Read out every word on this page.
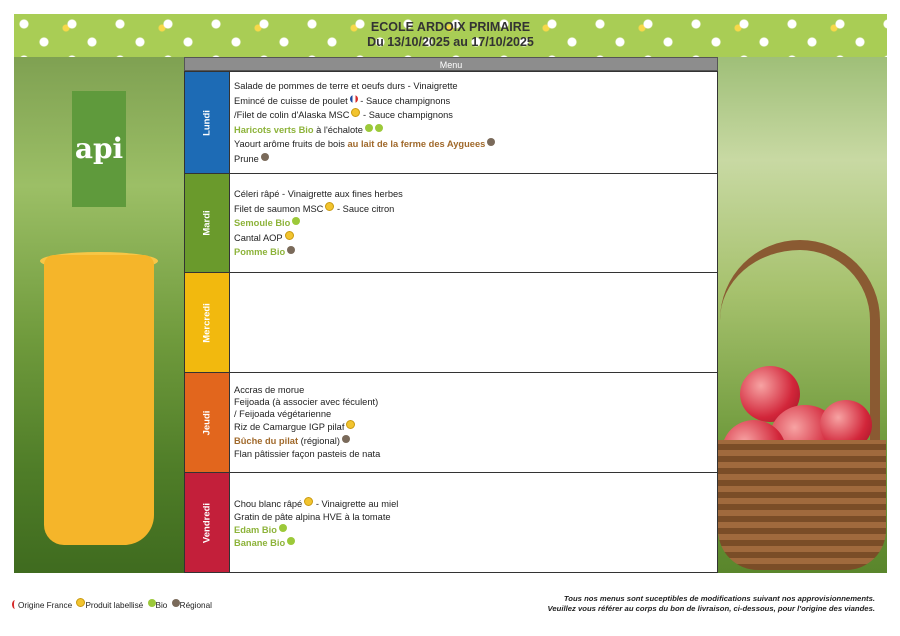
ECOLE ARDOIX PRIMAIRE
Du 13/10/2025 au 17/10/2025
api
Menu
Lundi
Mardi
Mercredi
Jeudi
Vendredi
Salade de pommes de terre et oeufs durs - Vinaigrette
Emincé de cuisse de poulet - Sauce champignons
/Filet de colin d'Alaska MSC - Sauce champignons
Haricots verts Bio à l'échalote
Yaourt arôme fruits de bois au lait de la ferme des Ayguees
Prune
Céleri râpé - Vinaigrette aux fines herbes
Filet de saumon MSC - Sauce citron
Semoule Bio
Cantal AOP
Pomme Bio
Accras de morue
Feijoada (à associer avec féculent)
/ Feijoada végétarienne
Riz de Camargue IGP pilaf
Bûche du pilat (régional)
Flan pâtissier façon pasteis de nata
Chou blanc râpé - Vinaigrette au miel
Gratin de pâte alpina HVE à la tomate
Edam Bio
Banane Bio
Origine France Produit labellisé Bio Régional
Tous nos menus sont suceptibles de modifications suivant nos approvisionnements.
Veuillez vous référer au corps du bon de livraison, ci-dessous, pour l'origine des viandes.
